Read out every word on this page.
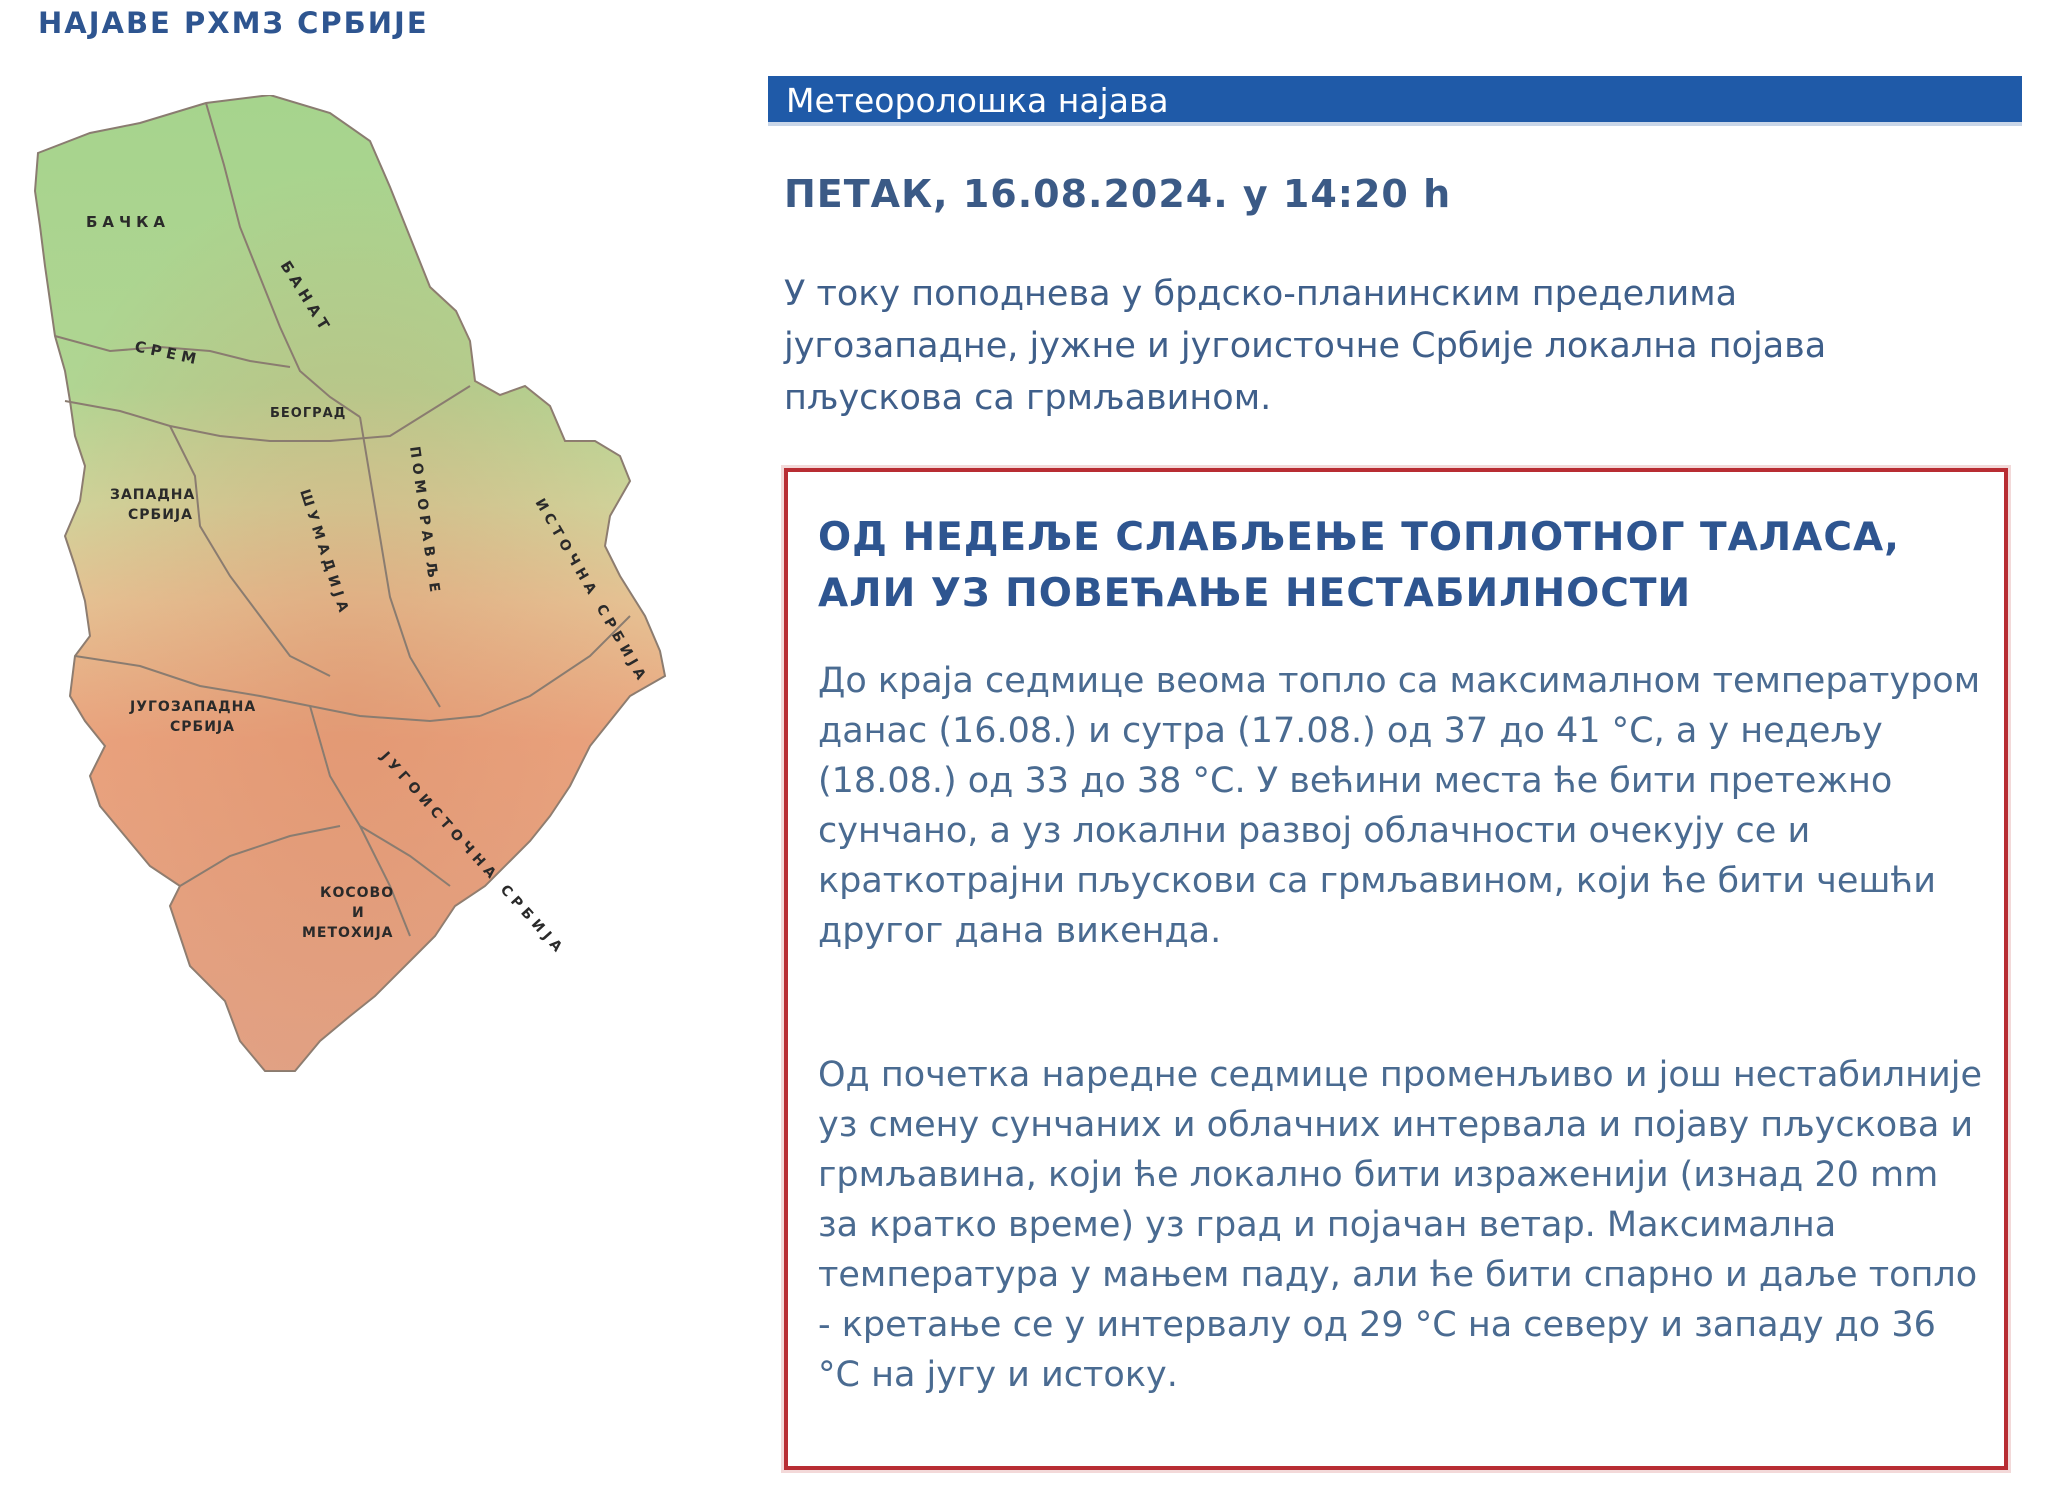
НАЈАВЕ РХМЗ СРБИЈЕ
БАЧКА
БАНАТ
СРЕМ
БЕОГРАД
ЗАПАДНА
СРБИЈА	ШУМАДИЈА	ПОМОРАВЉЕ	ИСТОЧНА СРБИЈА
ЈУГОЗАПАДНА
СРБИЈА
ЈУГОИСТОЧНА СРБИЈА
КОСОВО
И
МЕТОХИЈА
Метеоролошка најава
ПЕТАК, 16.08.2024. у 14:20 h
У току поподнева у брдско-планинским пределима југозападне, јужне и југоисточне Србије локална појава пљускова са грмљавином.
ОД НЕДЕЉЕ СЛАБЉЕЊЕ ТОПЛОТНОГ ТАЛАСА, АЛИ УЗ ПОВЕЋАЊЕ НЕСТАБИЛНОСТИ
До краја седмице веома топло са максималном температуром данас (16.08.) и сутра (17.08.) од 37 до 41 °C, а у недељу (18.08.) од 33 до 38 °C. У већини места ће бити претежно сунчано, а уз локални развој облачности очекују се и краткотрајни пљускови са грмљавином, који ће бити чешћи другог дана викенда.
Од почетка наредне седмице променљиво и још нестабилније уз смену сунчаних и облачних интервала и појаву пљускова и грмљавина, који ће локално бити израженији (изнад 20 mm за кратко време) уз град и појачан ветар. Максимална температура у мањем паду, али ће бити спарно и даље топло - кретање се у интервалу од 29 °C на северу и западу до 36 °C на југу и истоку.
